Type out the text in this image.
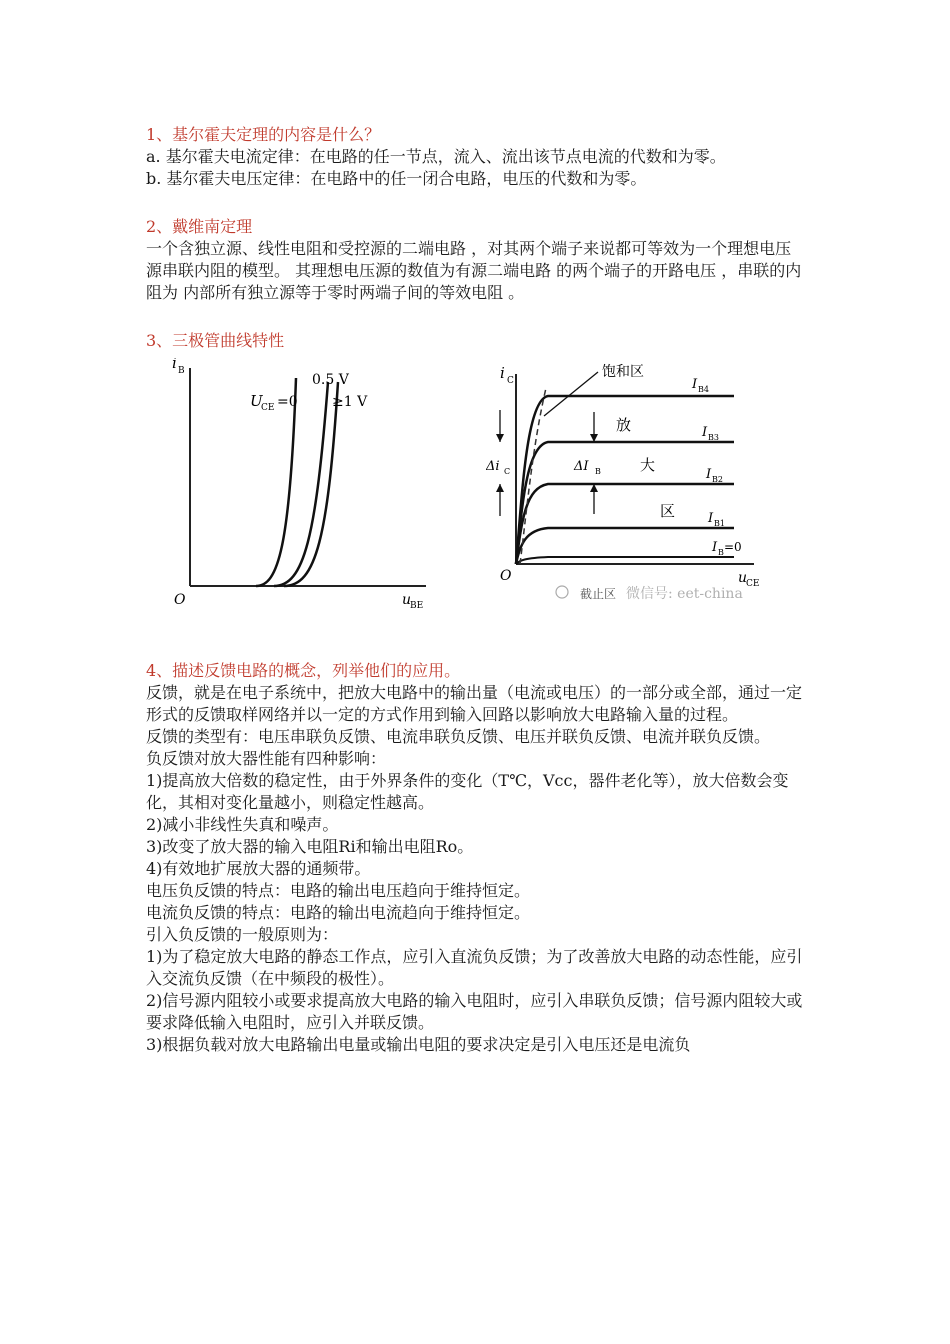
1、基尔霍夫定理的内容是什么？

a. 基尔霍夫电流定律：在电路的任一节点，流入、流出该节点电流的代数和为零。

b. 基尔霍夫电压定律：在电路中的任一闭合电路，电压的代数和为零。

2、戴维南定理

一个含独立源、线性电阻和受控源的二端电路 ，对其两个端子来说都可等效为一个理想电压源串联内阻的模型。 其理想电压源的数值为有源二端电路 的两个端子的开路电压 ，串联的内阻为 内部所有独立源等于零时两端子间的等效电阻 。

3、三极管曲线特性

i B
O	u
BE
U
CE =0
0.5 V
≥1 V
i C
O	u
CE
饱和区
放
大
区
Δi C	ΔI B
I B4
I B3
I B2
I B1
I B =0
截止区 微信号: eet-china

4、描述反馈电路的概念，列举他们的应用。

反馈，就是在电子系统中，把放大电路中的输出量（电流或电压）的一部分或全部，通过一定形式的反馈取样网络并以一定的方式作用到输入回路以影响放大电路输入量的过程。

反馈的类型有：电压串联负反馈、电流串联负反馈、电压并联负反馈、电流并联负反馈。

负反馈对放大器性能有四种影响：

1)提高放大倍数的稳定性，由于外界条件的变化（T℃，Vcc，器件老化等），放大倍数会变化，其相对变化量越小，则稳定性越高。

2)减小非线性失真和噪声。

3)改变了放大器的输入电阻Ri和输出电阻Ro。

4)有效地扩展放大器的通频带。

电压负反馈的特点：电路的输出电压趋向于维持恒定。

电流负反馈的特点：电路的输出电流趋向于维持恒定。

引入负反馈的一般原则为：

1)为了稳定放大电路的静态工作点，应引入直流负反馈；为了改善放大电路的动态性能，应引入交流负反馈（在中频段的极性）。

2)信号源内阻较小或要求提高放大电路的输入电阻时，应引入串联负反馈；信号源内阻较大或要求降低输入电阻时，应引入并联反馈。

3)根据负载对放大电路输出电量或输出电阻的要求决定是引入电压还是电流负
